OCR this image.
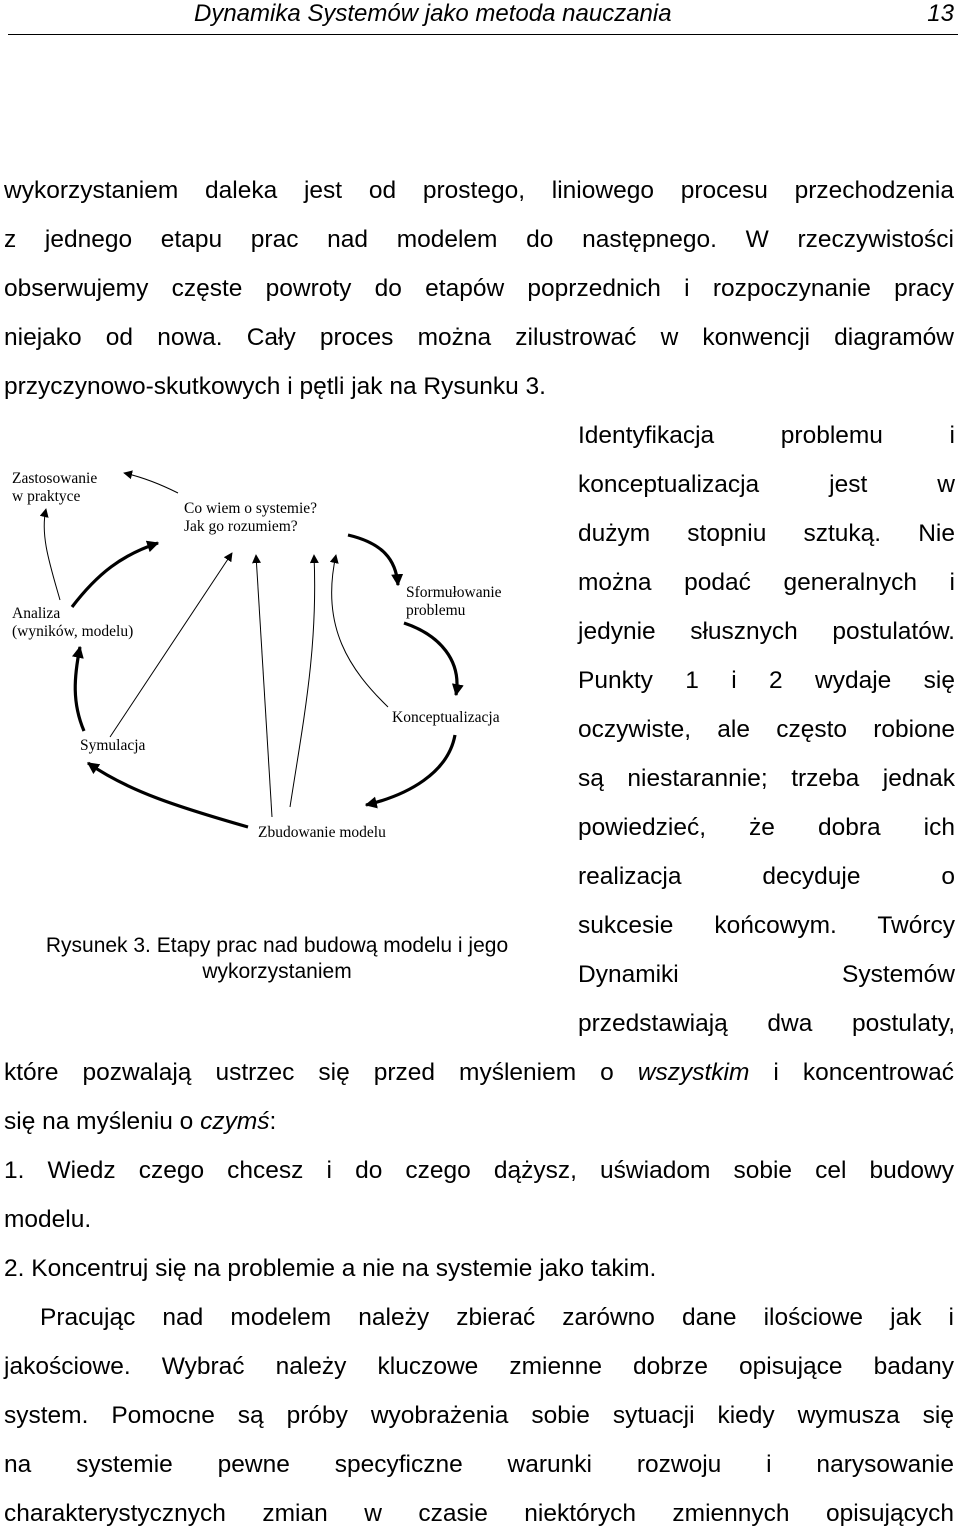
Dynamika Systemów jako metoda nauczania	13
wykorzystaniem daleka jest od prostego, liniowego procesu przechodzenia
z jednego etapu prac nad modelem do następnego. W rzeczywistości
obserwujemy częste powroty do etapów poprzednich i rozpoczynanie pracy
niejako od nowa. Cały proces można zilustrować w konwencji diagramów
przyczynowo-skutkowych i pętli jak na Rysunku 3.
Identyfikacja problemu i
konceptualizacja jest w
dużym stopniu sztuką. Nie
można podać generalnych i
jedynie słusznych postulatów.
Punkty 1 i 2 wydaje się
oczywiste, ale często robione
są niestarannie; trzeba jednak
powiedzieć, że dobra ich
realizacja decyduje o
sukcesie końcowym. Twórcy
Dynamiki Systemów
przedstawiają dwa postulaty,
które pozwalają ustrzec się przed myśleniem o wszystkim i koncentrować
się na myśleniu o czymś:
1. Wiedz czego chcesz i do czego dążysz, uświadom sobie cel budowy
modelu.
2. Koncentruj się na problemie a nie na systemie jako takim.
Pracując nad modelem należy zbierać zarówno dane ilościowe jak i
jakościowe. Wybrać należy kluczowe zmienne dobrze opisujące badany
system. Pomocne są próby wyobrażenia sobie sytuacji kiedy wymusza się
na systemie pewne specyficzne warunki rozwoju i narysowanie
charakterystycznych zmian w czasie niektórych zmiennych opisujących
Zastosowanie
w praktyce
Co wiem o systemie?
Jak go rozumiem?
Analiza
(wyników, modelu)
Sformułowanie
problemu
Konceptualizacja
Symulacja
Zbudowanie modelu
Rysunek 3. Etapy prac nad budową modelu i jego
wykorzystaniem
